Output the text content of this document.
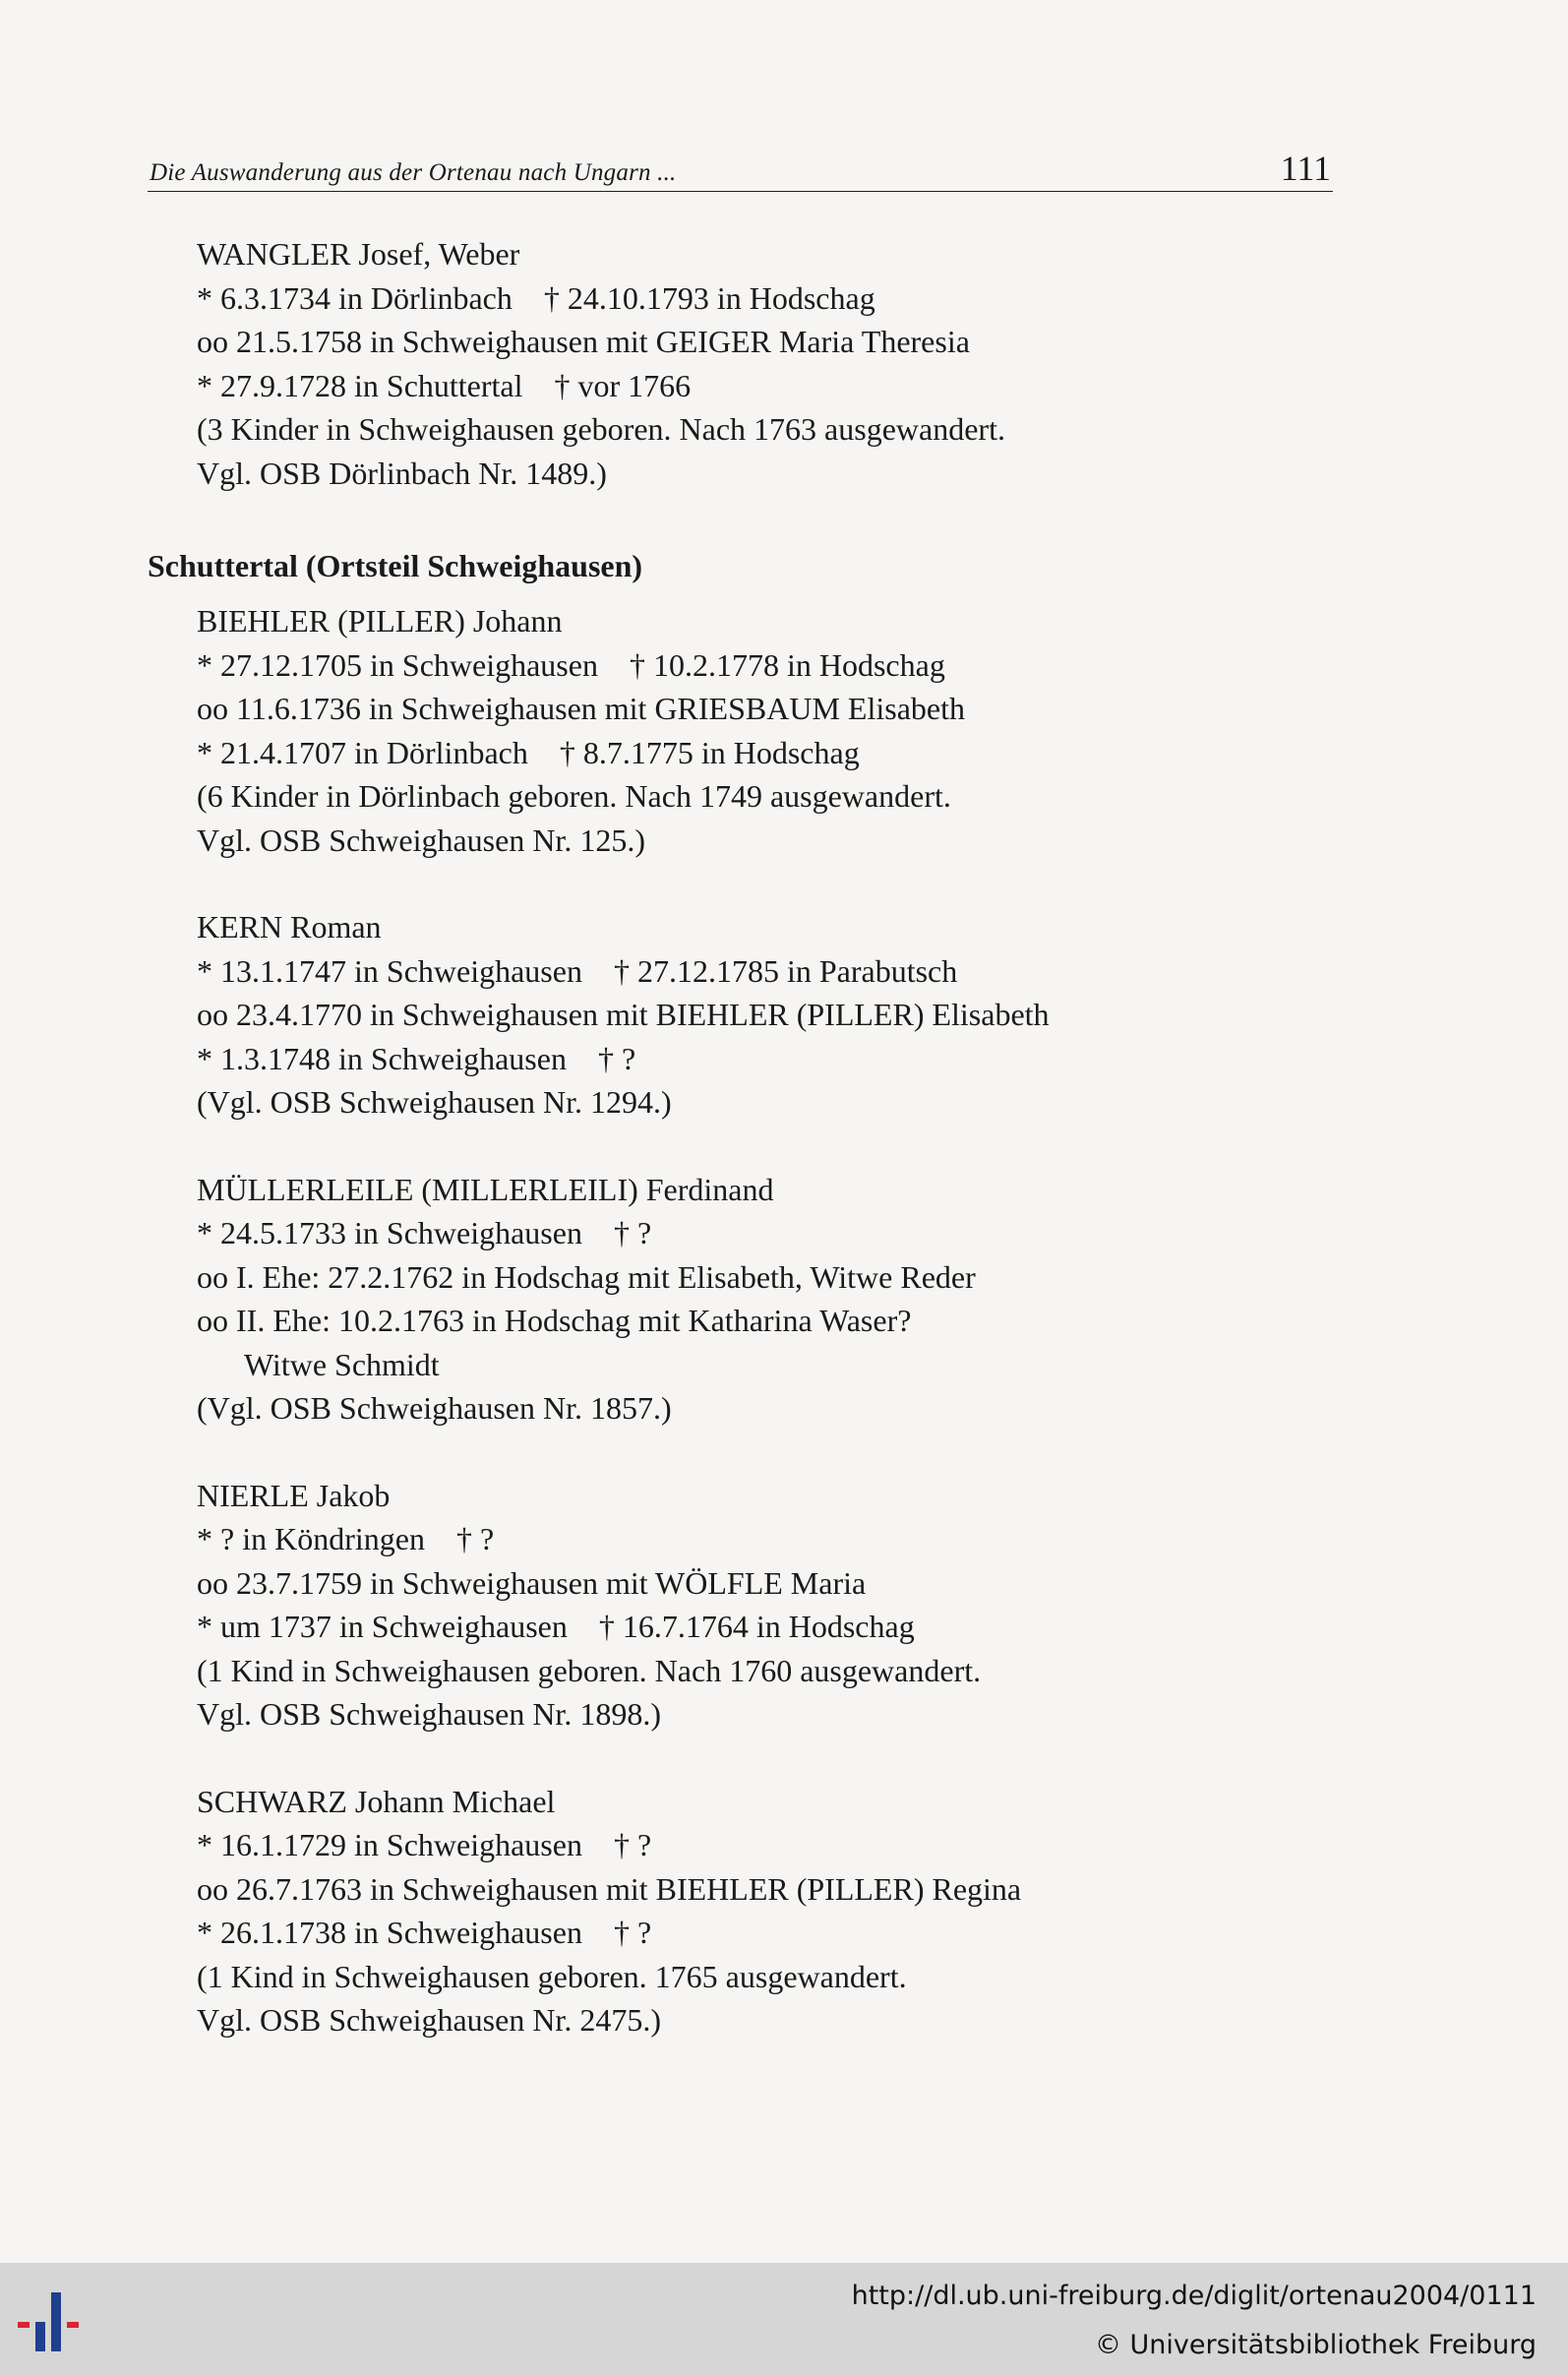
Die Auswanderung aus der Ortenau nach Ungarn ...	111
WANGLER Josef, Weber
* 6.3.1734 in Dörlinbach    † 24.10.1793 in Hodschag
oo 21.5.1758 in Schweighausen mit GEIGER Maria Theresia
* 27.9.1728 in Schuttertal    † vor 1766
(3 Kinder in Schweighausen geboren. Nach 1763 ausgewandert.
Vgl. OSB Dörlinbach Nr. 1489.)
Schuttertal (Ortsteil Schweighausen)
BIEHLER (PILLER) Johann
* 27.12.1705 in Schweighausen    † 10.2.1778 in Hodschag
oo 11.6.1736 in Schweighausen mit GRIESBAUM Elisabeth
* 21.4.1707 in Dörlinbach    † 8.7.1775 in Hodschag
(6 Kinder in Dörlinbach geboren. Nach 1749 ausgewandert.
Vgl. OSB Schweighausen Nr. 125.)
KERN Roman
* 13.1.1747 in Schweighausen    † 27.12.1785 in Parabutsch
oo 23.4.1770 in Schweighausen mit BIEHLER (PILLER) Elisabeth
* 1.3.1748 in Schweighausen    † ?
(Vgl. OSB Schweighausen Nr. 1294.)
MÜLLERLEILE (MILLERLEILI) Ferdinand
* 24.5.1733 in Schweighausen    † ?
oo I. Ehe: 27.2.1762 in Hodschag mit Elisabeth, Witwe Reder
oo II. Ehe: 10.2.1763 in Hodschag mit Katharina Waser?
Witwe Schmidt
(Vgl. OSB Schweighausen Nr. 1857.)
NIERLE Jakob
* ? in Köndringen    † ?
oo 23.7.1759 in Schweighausen mit WÖLFLE Maria
* um 1737 in Schweighausen    † 16.7.1764 in Hodschag
(1 Kind in Schweighausen geboren. Nach 1760 ausgewandert.
Vgl. OSB Schweighausen Nr. 1898.)
SCHWARZ Johann Michael
* 16.1.1729 in Schweighausen    † ?
oo 26.7.1763 in Schweighausen mit BIEHLER (PILLER) Regina
* 26.1.1738 in Schweighausen    † ?
(1 Kind in Schweighausen geboren. 1765 ausgewandert.
Vgl. OSB Schweighausen Nr. 2475.)
http://dl.ub.uni-freiburg.de/diglit/ortenau2004/0111
© Universitätsbibliothek Freiburg
